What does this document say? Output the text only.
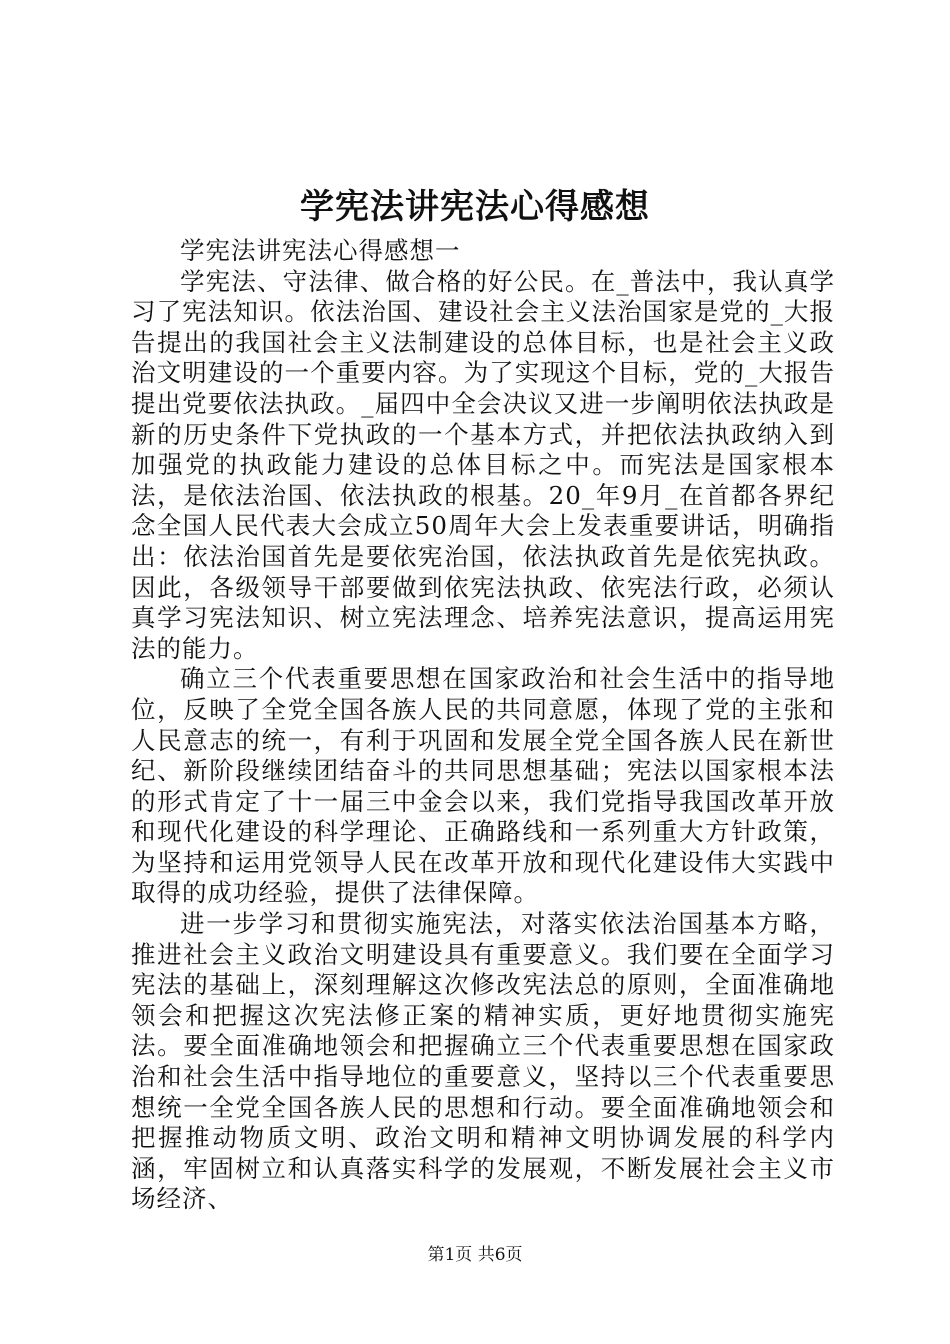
学宪法讲宪法心得感想

学宪法讲宪法心得感想一

学宪法、守法律、做合格的好公民。在_普法中，我认真学习了宪法知识。依法治国、建设社会主义法治国家是党的_大报告提出的我国社会主义法制建设的总体目标，也是社会主义政治文明建设的一个重要内容。为了实现这个目标，党的_大报告提出党要依法执政。_届四中全会决议又进一步阐明依法执政是新的历史条件下党执政的一个基本方式，并把依法执政纳入到加强党的执政能力建设的总体目标之中。而宪法是国家根本法，是依法治国、依法执政的根基。20_年9月_在首都各界纪念全国人民代表大会成立50周年大会上发表重要讲话，明确指出：依法治国首先是要依宪治国，依法执政首先是依宪执政。因此，各级领导干部要做到依宪法执政、依宪法行政，必须认真学习宪法知识、树立宪法理念、培养宪法意识，提高运用宪法的能力。

确立三个代表重要思想在国家政治和社会生活中的指导地位，反映了全党全国各族人民的共同意愿，体现了党的主张和人民意志的统一，有利于巩固和发展全党全国各族人民在新世纪、新阶段继续团结奋斗的共同思想基础；宪法以国家根本法的形式肯定了十一届三中金会以来，我们党指导我国改革开放和现代化建设的科学理论、正确路线和一系列重大方针政策，为坚持和运用党领导人民在改革开放和现代化建设伟大实践中取得的成功经验，提供了法律保障。

进一步学习和贯彻实施宪法，对落实依法治国基本方略，推进社会主义政治文明建设具有重要意义。我们要在全面学习宪法的基础上，深刻理解这次修改宪法总的原则，全面准确地领会和把握这次宪法修正案的精神实质，更好地贯彻实施宪法。要全面准确地领会和把握确立三个代表重要思想在国家政治和社会生活中指导地位的重要意义，坚持以三个代表重要思想统一全党全国各族人民的思想和行动。要全面准确地领会和把握推动物质文明、政治文明和精神文明协调发展的科学内涵，牢固树立和认真落实科学的发展观，不断发展社会主义市场经济、

第1页 共6页
